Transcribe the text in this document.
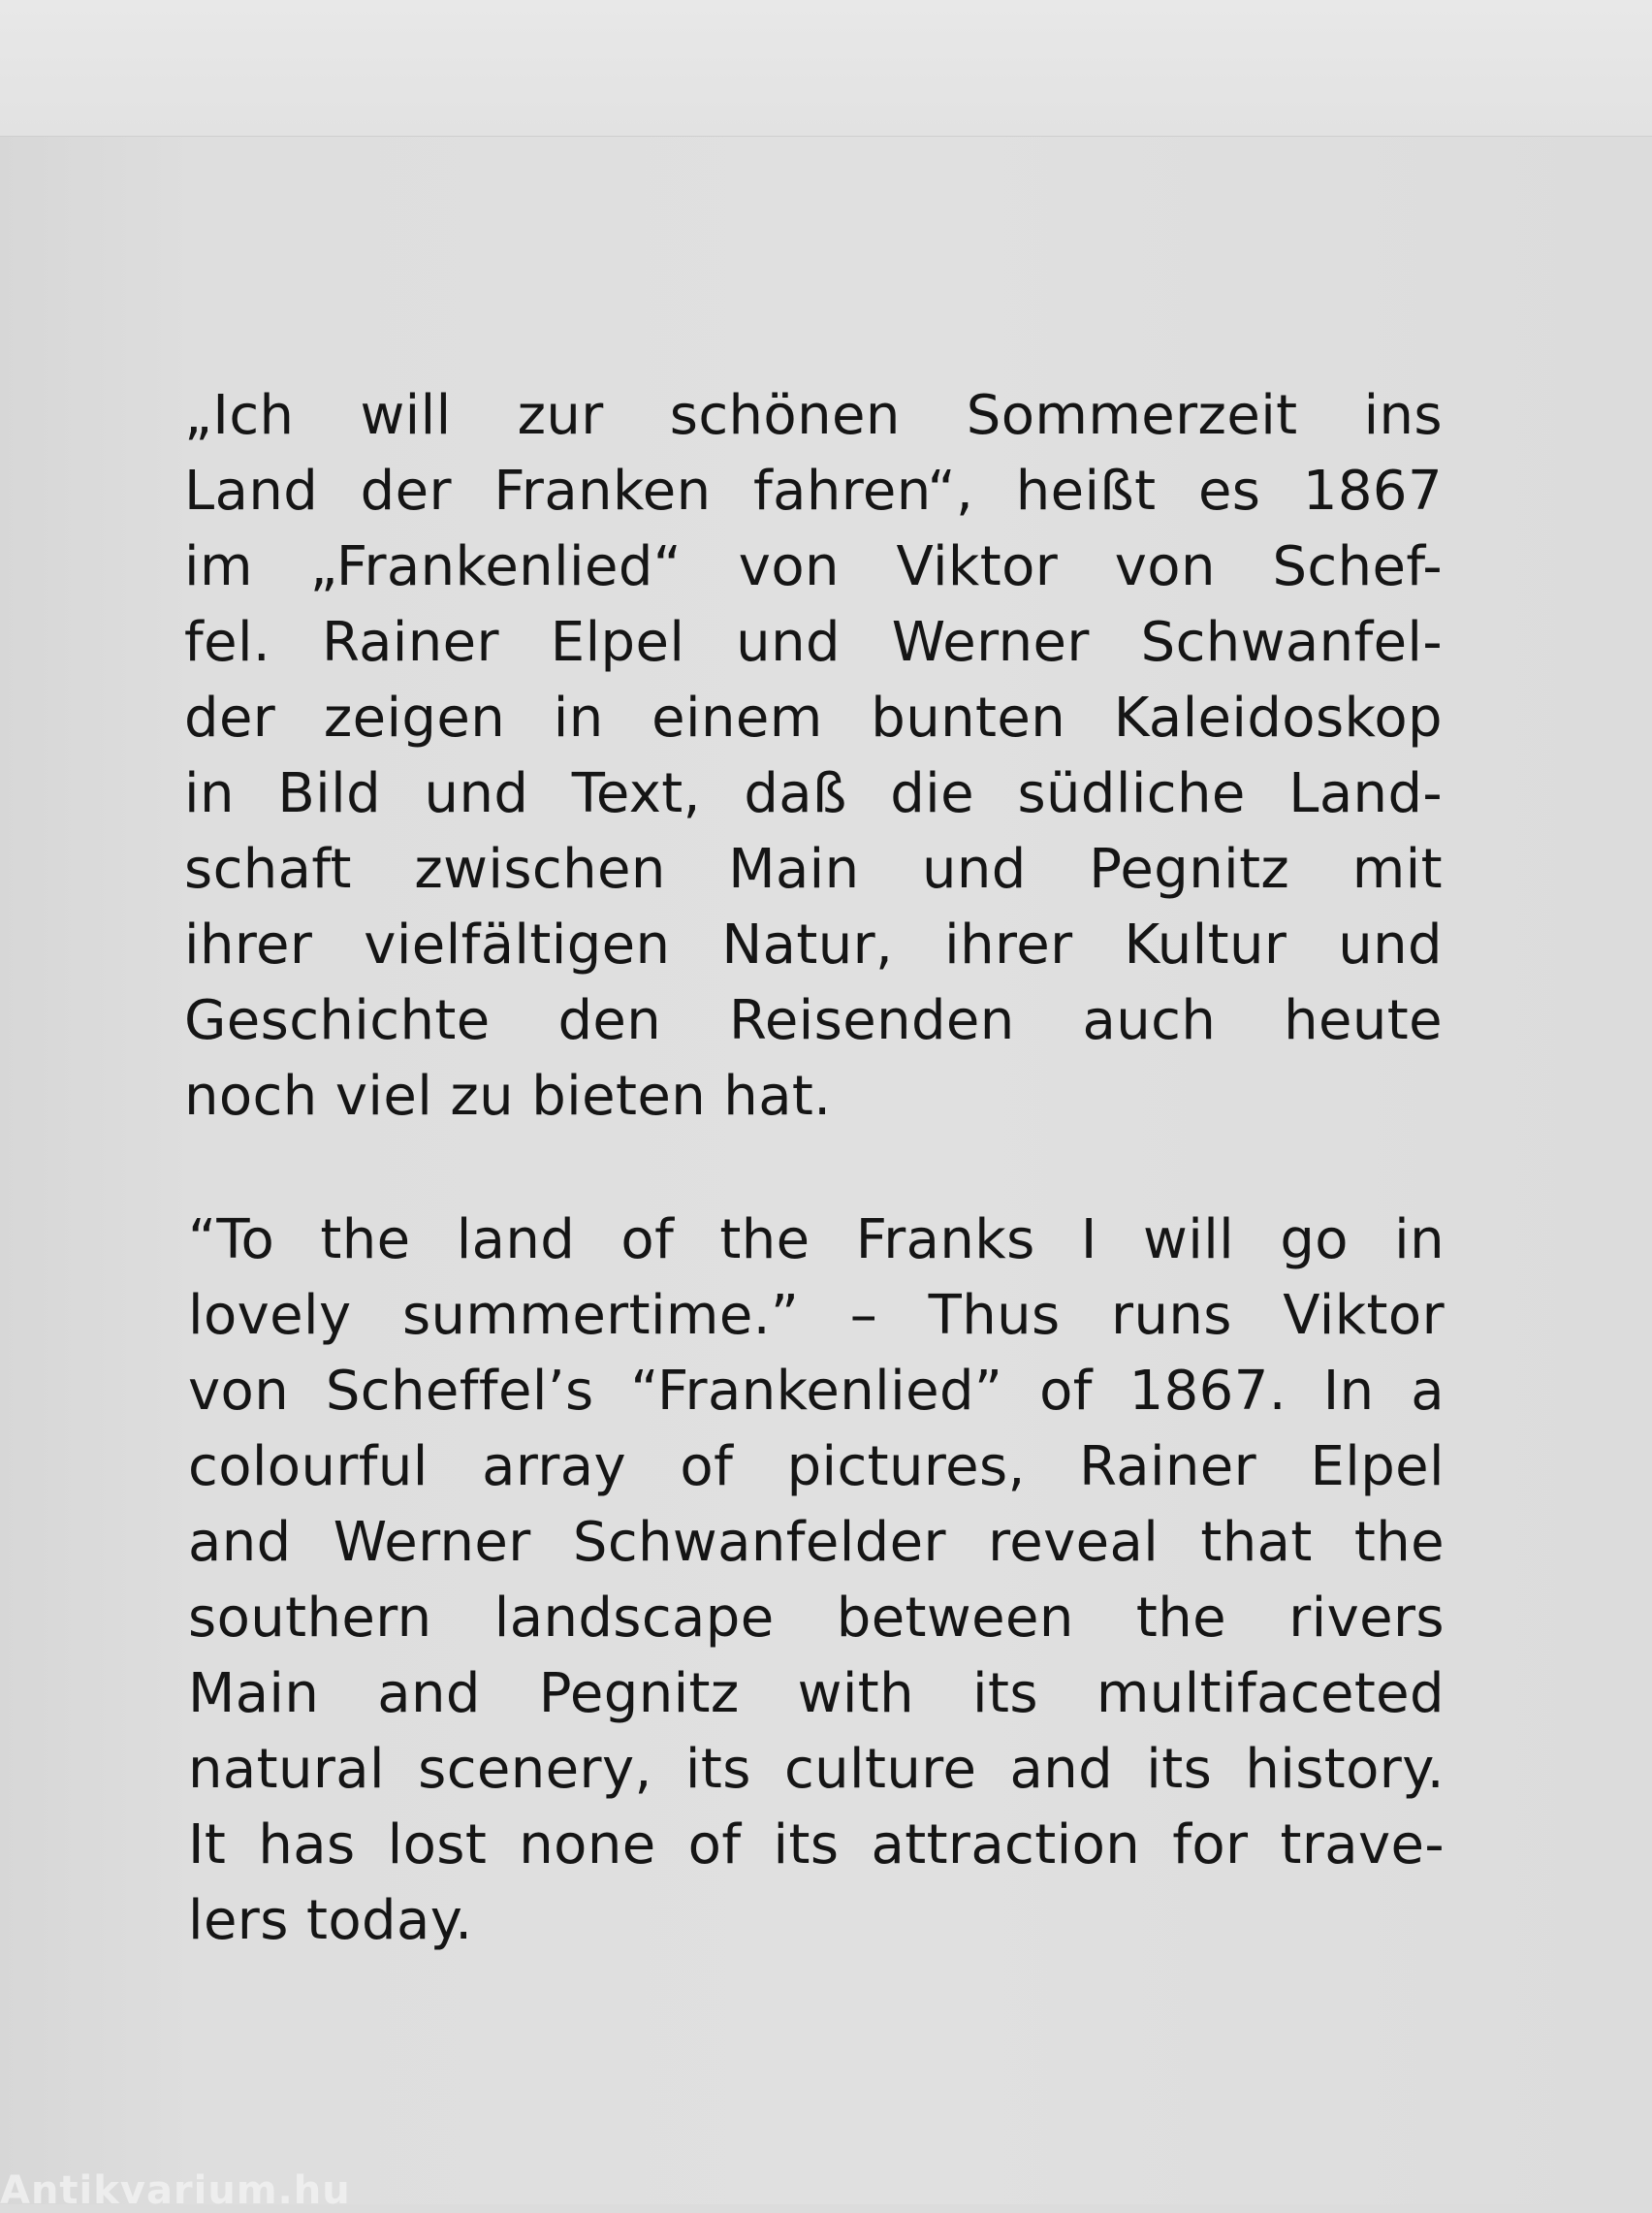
„Ich will zur schönen Sommerzeit ins
Land der Franken fahren“, heißt es 1867
im „Frankenlied“ von Viktor von Schef-
fel. Rainer Elpel und Werner Schwanfel-
der zeigen in einem bunten Kaleidoskop
in Bild und Text, daß die südliche Land-
schaft zwischen Main und Pegnitz mit
ihrer vielfältigen Natur, ihrer Kultur und
Geschichte den Reisenden auch heute
noch viel zu bieten hat.
“To the land of the Franks I will go in
lovely summertime.” – Thus runs Viktor
von Scheffel’s “Frankenlied” of 1867. In a
colourful array of pictures, Rainer Elpel
and Werner Schwanfelder reveal that the
southern landscape between the rivers
Main and Pegnitz with its multifaceted
natural scenery, its culture and its history.
It has lost none of its attraction for trave-
lers today.
Antikvarium.hu
